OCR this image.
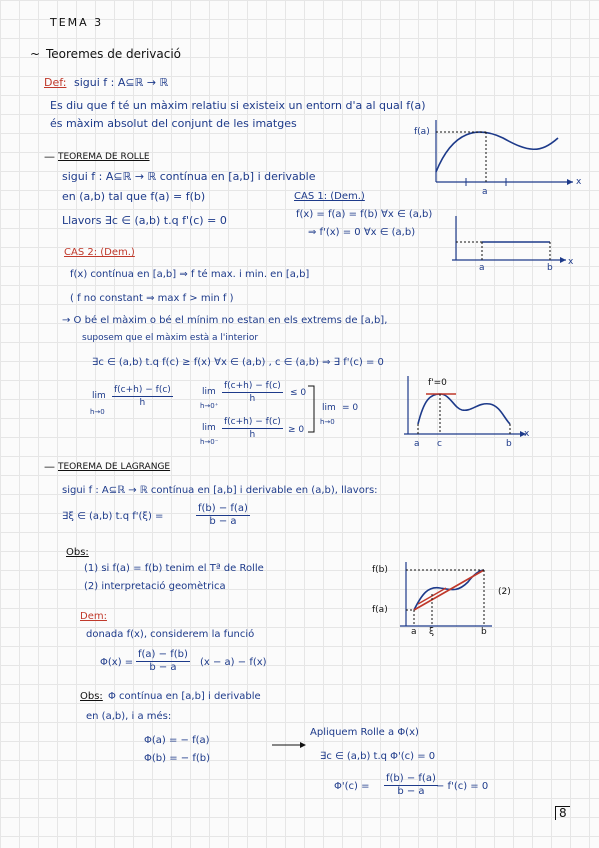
TEMA 3
~ Teoremes de derivació
Def: sigui f : A⊆ℝ → ℝ
Es diu que f té un màxim relatiu si existeix un entorn d'a al qual f(a)
és màxim absolut del conjunt de les imatges
f(a)
x
a
— TEOREMA DE ROLLE
sigui f : A⊆ℝ → ℝ contínua en [a,b] i derivable
en (a,b) tal que f(a) = f(b)
Llavors ∃c ∈ (a,b) t.q f'(c) = 0
CAS 1: (Dem.)
f(x) = f(a) = f(b) ∀x ∈ (a,b)
⇒ f'(x) = 0 ∀x ∈ (a,b)
a	b
x
CAS 2: (Dem.)
f(x) contínua en [a,b] ⇒ f té max. i min. en [a,b]
( f no constant ⇒ max f > min f )
→ O bé el màxim o bé el mínim no estan en els extrems de [a,b],
suposem que el màxim està a l'interior
∃c ∈ (a,b) t.q f(c) ≥ f(x) ∀x ∈ (a,b) , c ∈ (a,b) ⇒ ∃ f'(c) = 0
lim
h→0
$\frac{f(c+h) - f(c)}{h}$	lim
h→0⁺
$\frac{f(c+h) - f(c)}{h} \le 0$
lim
h→0⁻
$\frac{f(c+h) - f(c)}{h} \ge 0$
lim
h→0
= 0
f'=0
a c	b
x
— TEOREMA DE LAGRANGE
sigui f : A⊆ℝ → ℝ contínua en [a,b] i derivable en (a,b), llavors:
∃ξ ∈ (a,b) t.q f'(ξ) =	$\frac{f(b) - f(a)}{b - a}$
Obs:
(1) si f(a) = f(b) tenim el Tª de Rolle
(2) interpretació geomètrica
Dem:
donada f(x), considerem la funció
$\Phi(x) = \frac{f(a) - f(b)}{b - a} (x - a) - f(x)$
f(b)
f(a)
a ξ	b
(2)
Obs: Φ contínua en [a,b] i derivable
en (a,b), i a més:
Φ(a) = − f(a)
Φ(b) = − f(b)
Apliquem Rolle a Φ(x)
∃c ∈ (a,b) t.q Φ'(c) = 0
$\Phi'(c) = \frac{f(b) - f(a)}{b - a}$
− f'(c) = 0
8
